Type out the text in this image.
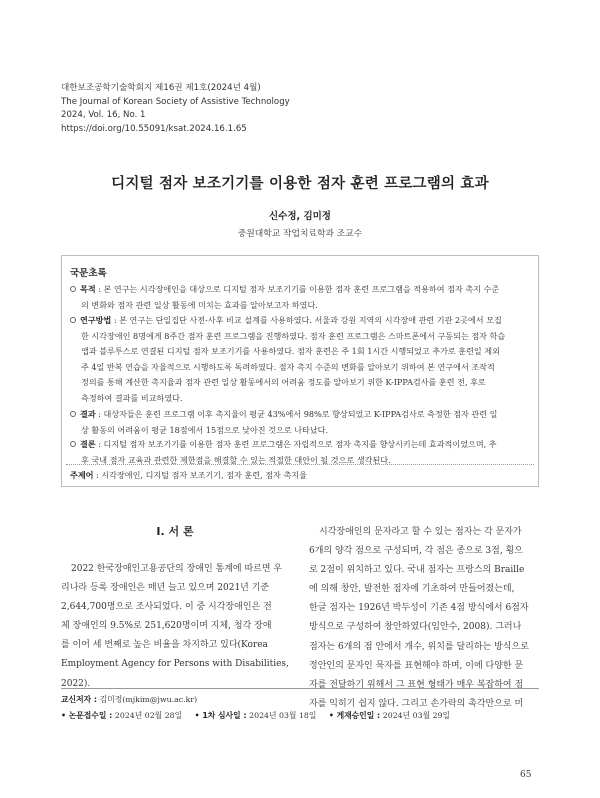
대한보조공학기술학회지 제16권 제1호(2024년 4월)
The Journal of Korean Society of Assistive Technology
2024, Vol. 16, No. 1
https://doi.org/10.55091/ksat.2024.16.1.65
디지털 점자 보조기기를 이용한 점자 훈련 프로그램의 효과
신수정, 김미정
중원대학교 작업치료학과 조교수
국문초록
목적 : 본 연구는 시각장애인을 대상으로 디지털 점자 보조기기를 이용한 점자 훈련 프로그램을 적용하여 점자 촉지 수준
의 변화와 점자 관련 일상 활동에 미치는 효과를 알아보고자 하였다.
연구방법 : 본 연구는 단일집단 사전-사후 비교 설계를 사용하였다. 서울과 강원 지역의 시각장애 관련 기관 2곳에서 모집
한 시각장애인 8명에게 8주간 점자 훈련 프로그램을 진행하였다. 점자 훈련 프로그램은 스마트폰에서 구동되는 점자 학습
앱과 블루투스로 연결된 디지털 점자 보조기기를 사용하였다. 점자 훈련은 주 1회 1시간 시행되었고 추가로 훈련일 제외
주 4일 반복 연습을 자율적으로 시행하도록 독려하였다. 점자 촉지 수준의 변화를 알아보기 위하여 본 연구에서 조작적
정의를 통해 계산한 촉지율과 점자 관련 일상 활동에서의 어려움 정도를 알아보기 위한 K-IPPA검사를 훈련 전, 후로
측정하여 결과를 비교하였다.
결과 : 대상자들은 훈련 프로그램 이후 촉지율이 평균 43%에서 98%로 향상되었고 K-IPPA검사로 측정한 점자 관련 일
상 활동의 어려움이 평균 18점에서 15점으로 낮아진 것으로 나타났다.
결론 : 디지털 점자 보조기기를 이용한 점자 훈련 프로그램은 자립적으로 점자 촉지를 향상시키는데 효과적이었으며, 추
후 국내 점자 교육과 관련한 제한점을 해결할 수 있는 적절한 대안이 될 것으로 생각된다.
주제어 : 시각장애인, 디지털 점자 보조기기, 점자 훈련, 점자 촉지율
I. 서 론
2022 한국장애인고용공단의 장애인 통계에 따르면 우
리나라 등록 장애인은 매년 늘고 있으며 2021년 기준
2,644,700명으로 조사되었다. 이 중 시각장애인은 전
체 장애인의 9.5%로 251,620명이며 지체, 청각 장애
를 이어 세 번째로 높은 비율을 차지하고 있다(Korea
Employment Agency for Persons with Disabilities,
2022).
시각장애인의 문자라고 할 수 있는 점자는 각 문자가
6개의 양각 점으로 구성되며, 각 점은 종으로 3점, 횡으
로 2점이 위치하고 있다. 국내 점자는 프랑스의 Braille
에 의해 창안, 발전한 점자에 기초하여 만들어졌는데,
한글 점자는 1926년 박두성이 기존 4점 방식에서 6점자
방식으로 구성하여 창안하였다(임안수, 2008). 그러나
점자는 6개의 점 안에서 개수, 위치를 달리하는 방식으로
정안인의 문자인 묵자를 표현해야 하며, 이에 다양한 문
자를 전달하기 위해서 그 표현 형태가 매우 복잡하여 점
자를 익히기 쉽지 않다. 그리고 손가락의 촉각만으로 미
교신저자 : 김미정(mjkim@jwu.ac.kr)
• 논문접수일 : 2024년 02월 28일 • 1차 심사일 : 2024년 03월 18일 • 게재승인일 : 2024년 03월 29일
65
